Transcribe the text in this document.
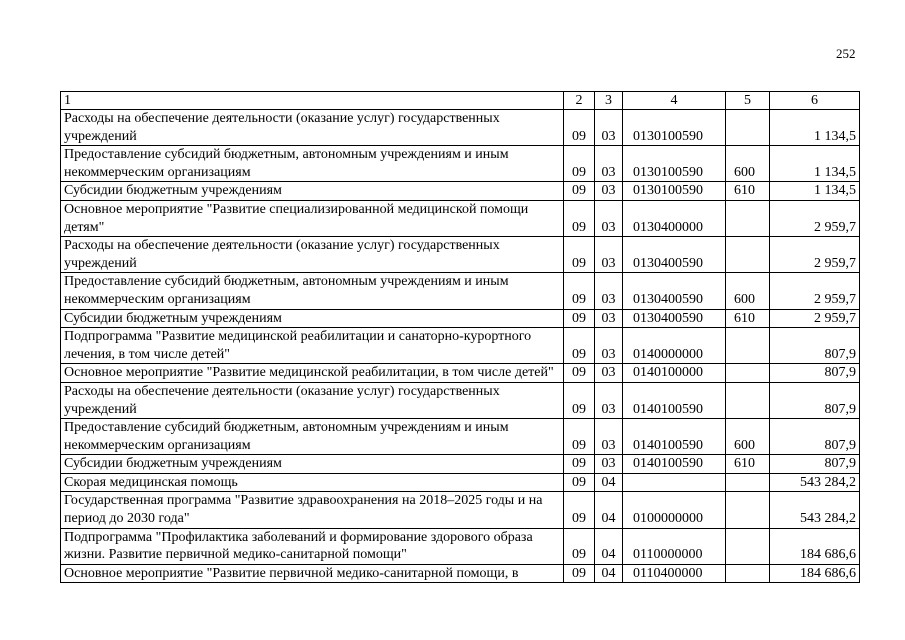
252
1	2	3	4	5	6
Расходы на обеспечение деятельности (оказание услуг) государственных учреждений	09	03	0130100590		1 134,5
Предоставление субсидий бюджетным, автономным учреждениям и иным некоммерческим организациям	09	03	0130100590	600	1 134,5
Субсидии бюджетным учреждениям	09	03	0130100590	610	1 134,5
Основное мероприятие "Развитие специализированной медицинской помощи детям"	09	03	0130400000		2 959,7
Расходы на обеспечение деятельности (оказание услуг) государственных учреждений	09	03	0130400590		2 959,7
Предоставление субсидий бюджетным, автономным учреждениям и иным некоммерческим организациям	09	03	0130400590	600	2 959,7
Субсидии бюджетным учреждениям	09	03	0130400590	610	2 959,7
Подпрограмма "Развитие медицинской реабилитации и санаторно-курортного лечения, в том числе детей"	09	03	0140000000		807,9
Основное мероприятие "Развитие медицинской реабилитации, в том числе детей"	09	03	0140100000		807,9
Расходы на обеспечение деятельности (оказание услуг) государственных учреждений	09	03	0140100590		807,9
Предоставление субсидий бюджетным, автономным учреждениям и иным некоммерческим организациям	09	03	0140100590	600	807,9
Субсидии бюджетным учреждениям	09	03	0140100590	610	807,9
Скорая медицинская помощь	09	04			543 284,2
Государственная программа "Развитие здравоохранения на 2018–2025 годы и на период до 2030 года"	09	04	0100000000		543 284,2
Подпрограмма "Профилактика заболеваний и формирование здорового образа жизни. Развитие первичной медико-санитарной помощи"	09	04	0110000000		184 686,6
Основное мероприятие "Развитие первичной медико-санитарной помощи, в	09	04	0110400000		184 686,6
